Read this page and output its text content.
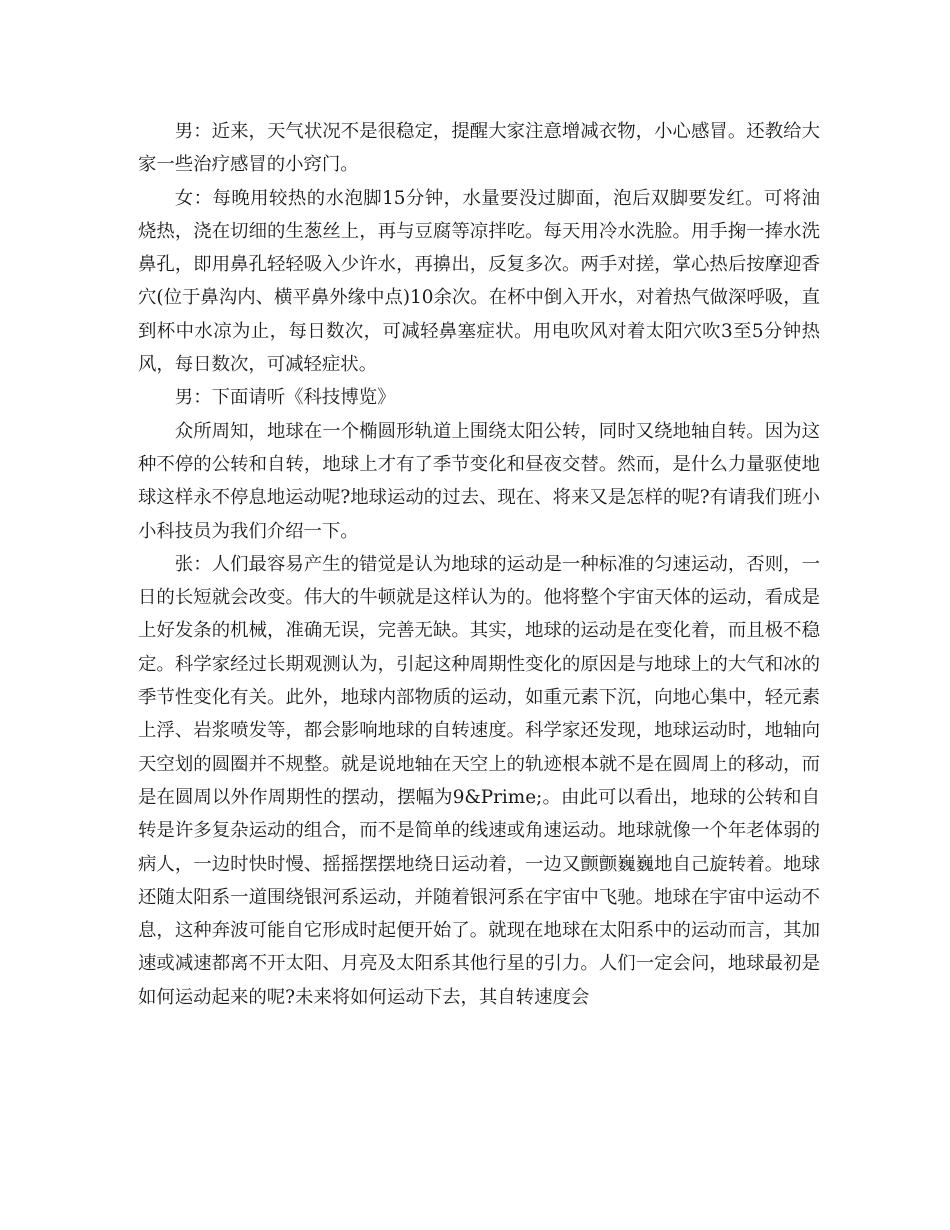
男：近来，天气状况不是很稳定，提醒大家注意增减衣物，小心感冒。还教给大家一些治疗感冒的小窍门。

女：每晚用较热的水泡脚15分钟，水量要没过脚面，泡后双脚要发红。可将油烧热，浇在切细的生葱丝上，再与豆腐等凉拌吃。每天用冷水洗脸。用手掬一捧水洗鼻孔，即用鼻孔轻轻吸入少许水，再擤出，反复多次。两手对搓，掌心热后按摩迎香穴(位于鼻沟内、横平鼻外缘中点)10余次。在杯中倒入开水，对着热气做深呼吸，直到杯中水凉为止，每日数次，可减轻鼻塞症状。用电吹风对着太阳穴吹3至5分钟热风，每日数次，可减轻症状。

男：下面请听《科技博览》

众所周知，地球在一个椭圆形轨道上围绕太阳公转，同时又绕地轴自转。因为这种不停的公转和自转，地球上才有了季节变化和昼夜交替。然而，是什么力量驱使地球这样永不停息地运动呢?地球运动的过去、现在、将来又是怎样的呢?有请我们班小小科技员为我们介绍一下。

张：人们最容易产生的错觉是认为地球的运动是一种标准的匀速运动，否则，一日的长短就会改变。伟大的牛顿就是这样认为的。他将整个宇宙天体的运动，看成是上好发条的机械，准确无误，完善无缺。其实，地球的运动是在变化着，而且极不稳定。科学家经过长期观测认为，引起这种周期性变化的原因是与地球上的大气和冰的季节性变化有关。此外，地球内部物质的运动，如重元素下沉，向地心集中，轻元素上浮、岩浆喷发等，都会影响地球的自转速度。科学家还发现，地球运动时，地轴向天空划的圆圈并不规整。就是说地轴在天空上的轨迹根本就不是在圆周上的移动，而是在圆周以外作周期性的摆动，摆幅为9&Prime;。由此可以看出，地球的公转和自转是许多复杂运动的组合，而不是简单的线速或角速运动。地球就像一个年老体弱的病人，一边时快时慢、摇摇摆摆地绕日运动着，一边又颤颤巍巍地自己旋转着。地球还随太阳系一道围绕银河系运动，并随着银河系在宇宙中飞驰。地球在宇宙中运动不息，这种奔波可能自它形成时起便开始了。就现在地球在太阳系中的运动而言，其加速或减速都离不开太阳、月亮及太阳系其他行星的引力。人们一定会问，地球最初是如何运动起来的呢?未来将如何运动下去，其自转速度会
